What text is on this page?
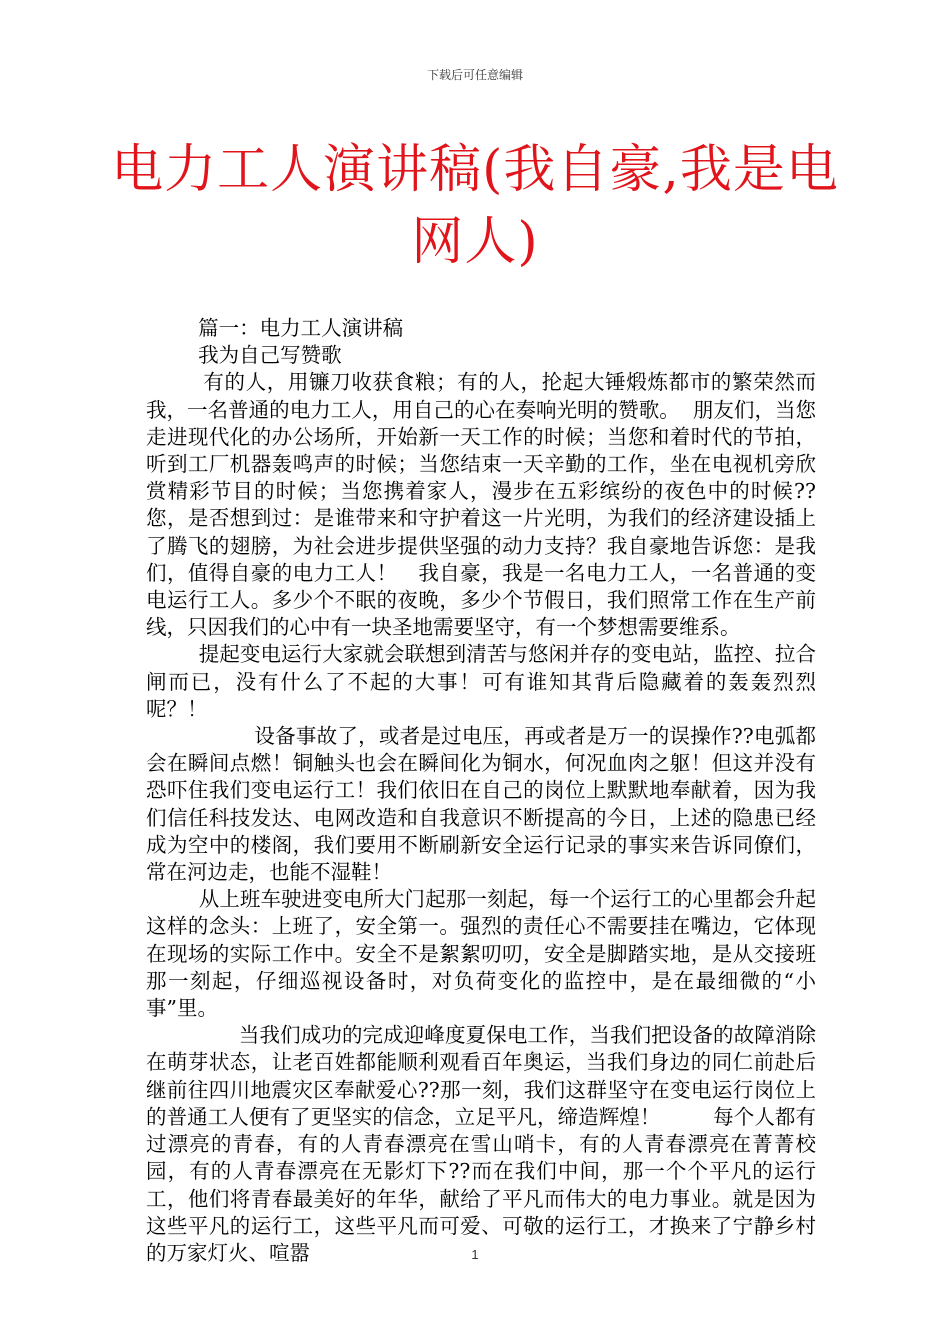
下载后可任意编辑
电力工人演讲稿(我自豪,我是电网人)

篇一：电力工人演讲稿

我为自己写赞歌

有的人，用镰刀收获食粮；有的人，抡起大锤煅炼都市的繁荣然而我，一名普通的电力工人，用自己的心在奏响光明的赞歌。  朋友们，当您走进现代化的办公场所，开始新一天工作的时候；当您和着时代的节拍，听到工厂机器轰鸣声的时候；当您结束一天辛勤的工作，坐在电视机旁欣赏精彩节目的时候；当您携着家人，漫步在五彩缤纷的夜色中的时候??您，是否想到过：是谁带来和守护着这一片光明，为我们的经济建设插上了腾飞的翅膀，为社会进步提供坚强的动力支持？我自豪地告诉您：是我们，值得自豪的电力工人！   我自豪，我是一名电力工人，一名普通的变电运行工人。多少个不眠的夜晚，多少个节假日，我们照常工作在生产前线，只因我们的心中有一块圣地需要坚守，有一个梦想需要维系。

提起变电运行大家就会联想到清苦与悠闲并存的变电站，监控、拉合闸而已，没有什么了不起的大事！可有谁知其背后隐藏着的轰轰烈烈呢？！

设备事故了，或者是过电压，再或者是万一的误操作??电弧都会在瞬间点燃！铜触头也会在瞬间化为铜水，何况血肉之躯！但这并没有恐吓住我们变电运行工！我们依旧在自己的岗位上默默地奉献着，因为我们信任科技发达、电网改造和自我意识不断提高的今日，上述的隐患已经成为空中的楼阁，我们要用不断刷新安全运行记录的事实来告诉同僚们，常在河边走，也能不湿鞋！

从上班车驶进变电所大门起那一刻起，每一个运行工的心里都会升起这样的念头：上班了，安全第一。强烈的责任心不需要挂在嘴边，它体现在现场的实际工作中。安全不是絮絮叨叨，安全是脚踏实地，是从交接班那一刻起，仔细巡视设备时，对负荷变化的监控中，是在最细微的“小事”里。

当我们成功的完成迎峰度夏保电工作，当我们把设备的故障消除在萌芽状态，让老百姓都能顺利观看百年奥运，当我们身边的同仁前赴后继前往四川地震灾区奉献爱心??那一刻，我们这群坚守在变电运行岗位上的普通工人便有了更坚实的信念，立足平凡，缔造辉煌！        每个人都有过漂亮的青春，有的人青春漂亮在雪山哨卡，有的人青春漂亮在菁菁校园，有的人青春漂亮在无影灯下??而在我们中间，那一个个平凡的运行工，他们将青春最美好的年华，献给了平凡而伟大的电力事业。就是因为这些平凡的运行工，这些平凡而可爱、可敬的运行工，才换来了宁静乡村的万家灯火、喧嚣	1
